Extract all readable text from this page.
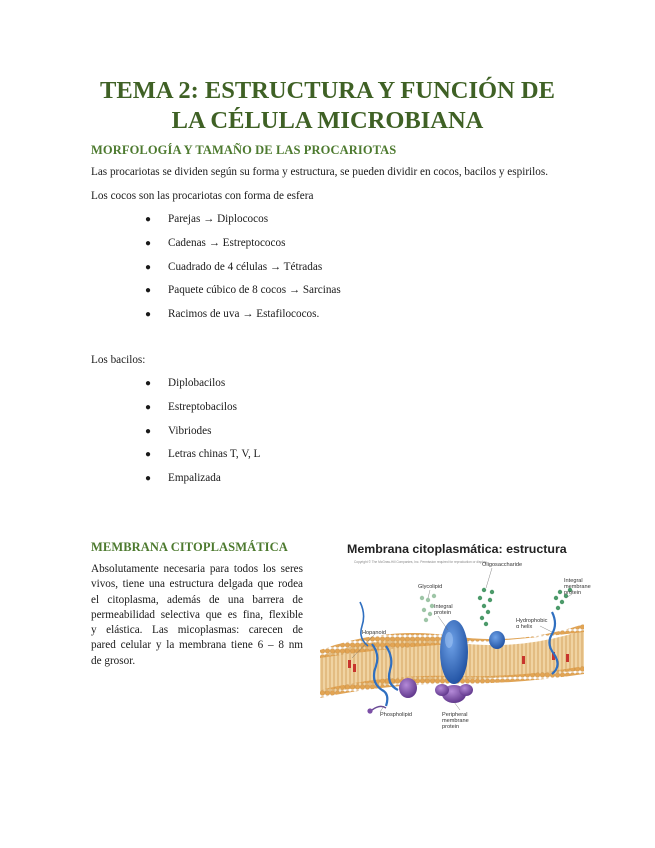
TEMA 2: ESTRUCTURA Y FUNCIÓN DE
LA CÉLULA MICROBIANA
MORFOLOGÍA Y TAMAÑO DE LAS PROCARIOTAS
Las procariotas se dividen según su forma y estructura, se pueden dividir en cocos, bacilos y espirilos.
Los cocos son las procariotas con forma de esfera
● Parejas → Diplococos
● Cadenas → Estreptococos
● Cuadrado de 4 células → Tétradas
● Paquete cúbico de 8 cocos → Sarcinas
● Racimos de uva → Estafilococos.
Los bacilos:
● Diplobacilos
● Estreptobacilos
● Vibriodes
● Letras chinas T, V, L
● Empalizada
MEMBRANA CITOPLASMÁTICA
Absolutamente necesaria para todos los seres
vivos, tiene una estructura delgada que rodea
el citoplasma, además de una barrera de
permeabilidad selectiva que es fina, flexible
y elástica. Las micoplasmas: carecen de
pared celular y la membrana tiene 6 – 8 nm
de grosor.
Membrana citoplasmática: estructura
Copyright © The McGraw-Hill Companies, Inc. Permission required for reproduction or display.
Glycolipid
Oligosaccharide
Integral membrane protein
Integral protein
Hopanoid
Hydrophobic α helix
Phospholipid	Peripheral membrane protein
